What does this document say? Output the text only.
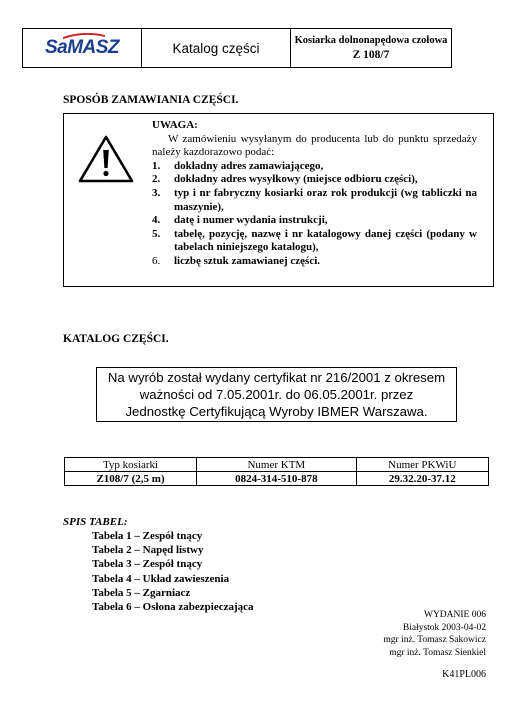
SaMASZ	Katalog części	Kosiarka dolnonapędowa czołowa
Z 108/7
SPOSÓB ZAMAWIANIA CZĘŚCI.
UWAGA:
W zamówieniu wysyłanym do producenta lub do punktu sprzedaży należy kazdorazowo podać:
1.	dokładny adres zamawiającego,
2.	dokładny adres wysyłkowy (miejsce odbioru części),
3.	typ i nr fabryczny kosiarki oraz rok produkcji (wg tabliczki na maszynie),
4.	datę i numer wydania instrukcji,
5.	tabelę, pozycję, nazwę i nr katalogowy danej części (podany w tabelach niniejszego katalogu),
6.	liczbę sztuk zamawianej części.
KATALOG CZĘŚCI.
Na wyrób został wydany certyfikat nr 216/2001 z okresem
ważności od 7.05.2001r. do 06.05.2001r. przez
Jednostkę Certyfikującą Wyroby IBMER Warszawa.
Typ kosiarki	Numer KTM	Numer PKWiU
Z108/7 (2,5 m)	0824-314-510-878	29.32.20-37.12
SPIS TABEL:
Tabela 1 – Zespół tnący
Tabela 2 – Napęd listwy
Tabela 3 – Zespół tnący
Tabela 4 – Układ zawieszenia
Tabela 5 – Zgarniacz
Tabela 6 – Osłona zabezpieczająca
WYDANIE 006
Białystok 2003-04-02
mgr inż. Tomasz Sakowicz
mgr inż. Tomasz Sienkiel
K41PL006
